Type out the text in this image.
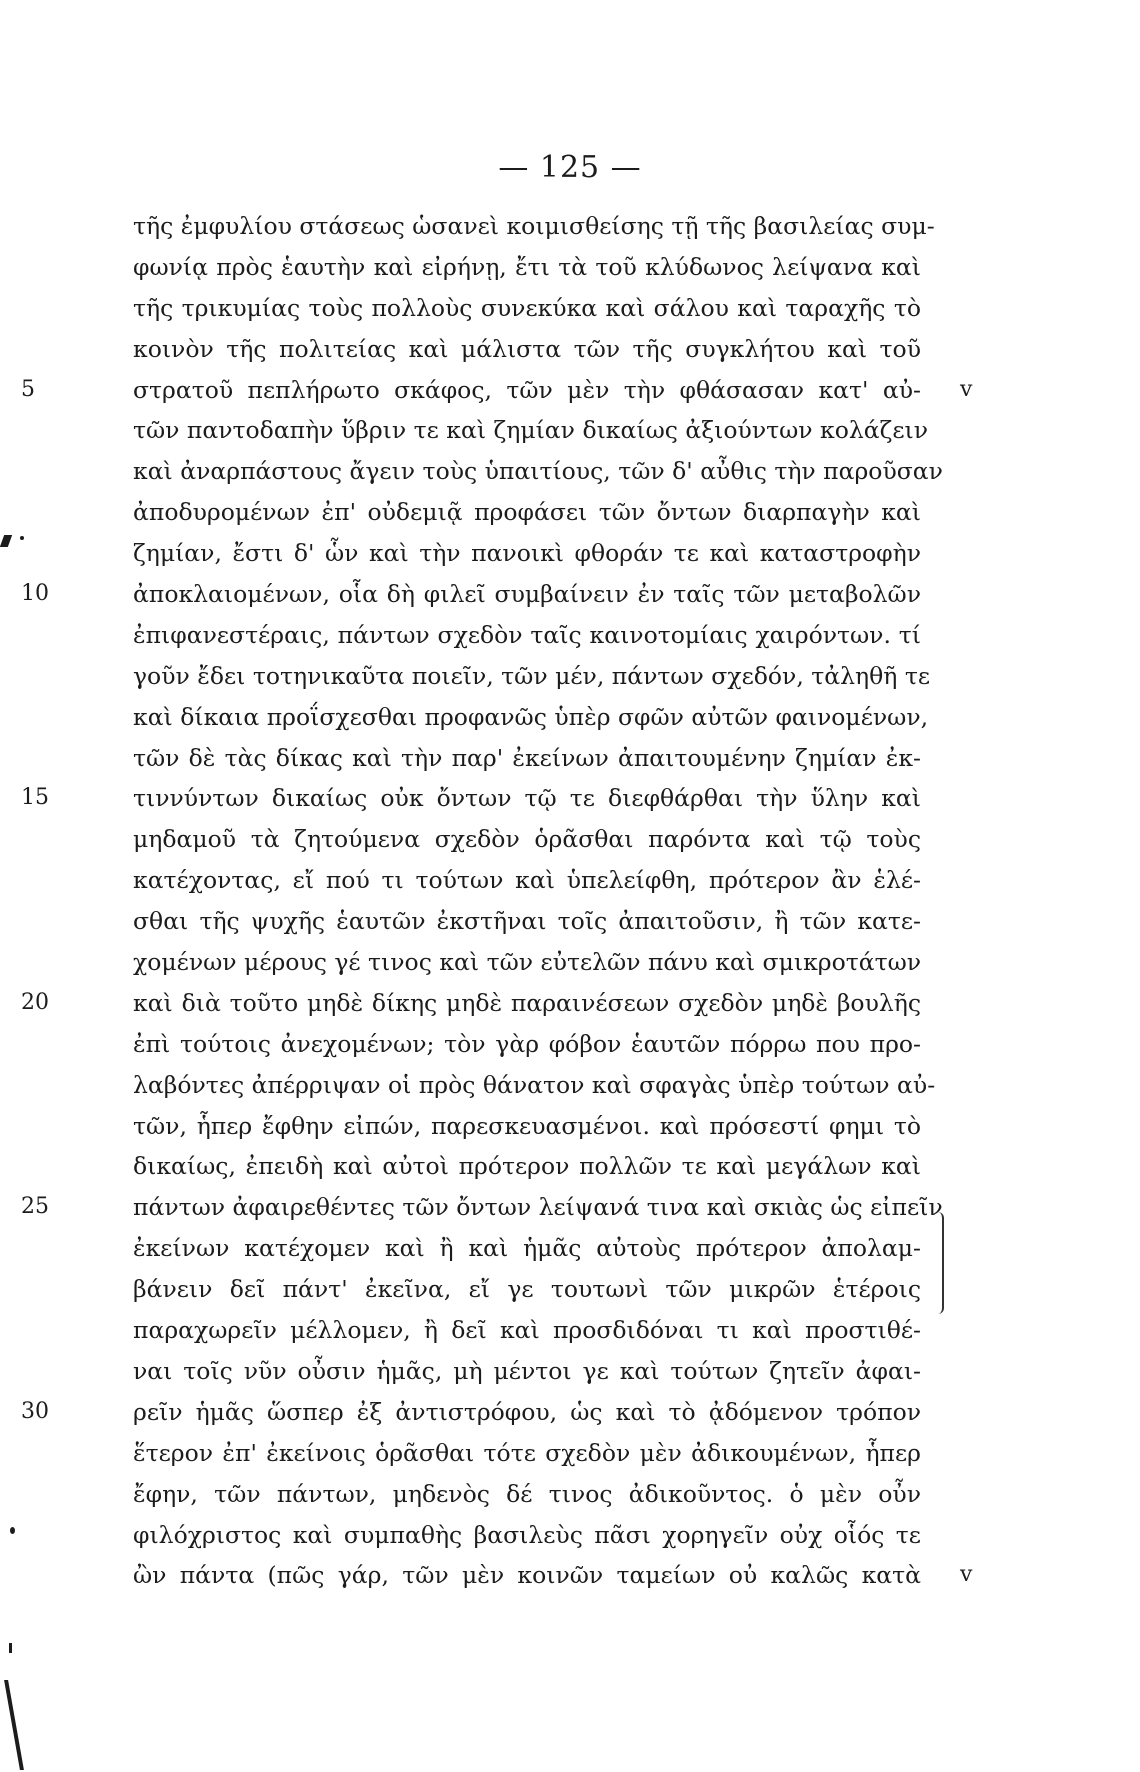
— 125 —
τῆς ἐμφυλίου στάσεως ὡσανεὶ κοιμισθείσης τῇ τῆς βασιλείας συμ-
φωνίᾳ πρὸς ἑαυτὴν καὶ εἰρήνῃ, ἔτι τὰ τοῦ κλύδωνος λείψανα καὶ
τῆς τρικυμίας τοὺς πολλοὺς συνεκύκα καὶ σάλου καὶ ταραχῆς τὸ
κοινὸν τῆς πολιτείας καὶ μάλιστα τῶν τῆς συγκλήτου καὶ τοῦ
5	στρατοῦ πεπλήρωτο σκάφος, τῶν μὲν τὴν φθάσασαν κατ' αὐ- v
τῶν παντοδαπὴν ὕβριν τε καὶ ζημίαν δικαίως ἀξιούντων κολάζειν
καὶ ἀναρπάστους ἄγειν τοὺς ὑπαιτίους, τῶν δ' αὖθις τὴν παροῦσαν
ἀποδυρομένων ἐπ' οὐδεμιᾷ προφάσει τῶν ὄντων διαρπαγὴν καὶ
ζημίαν, ἔστι δ' ὧν καὶ τὴν πανοικὶ φθοράν τε καὶ καταστροφὴν
10	ἀποκλαιομένων, οἷα δὴ φιλεῖ συμβαίνειν ἐν ταῖς τῶν μεταβολῶν
ἐπιφανεστέραις, πάντων σχεδὸν ταῖς καινοτομίαις χαιρόντων. τί
γοῦν ἔδει τοτηνικαῦτα ποιεῖν, τῶν μέν, πάντων σχεδόν, τἀληθῆ τε
καὶ δίκαια προΐσχεσθαι προφανῶς ὑπὲρ σφῶν αὐτῶν φαινομένων,
τῶν δὲ τὰς δίκας καὶ τὴν παρ' ἐκείνων ἀπαιτουμένην ζημίαν ἐκ-
15	τιννύντων δικαίως οὐκ ὄντων τῷ τε διεφθάρθαι τὴν ὕλην καὶ
μηδαμοῦ τὰ ζητούμενα σχεδὸν ὁρᾶσθαι παρόντα καὶ τῷ τοὺς
κατέχοντας, εἴ πού τι τούτων καὶ ὑπελείφθη, πρότερον ἂν ἑλέ-
σθαι τῆς ψυχῆς ἑαυτῶν ἐκστῆναι τοῖς ἀπαιτοῦσιν, ἢ τῶν κατε-
χομένων μέρους γέ τινος καὶ τῶν εὐτελῶν πάνυ καὶ σμικροτάτων
20	καὶ διὰ τοῦτο μηδὲ δίκης μηδὲ παραινέσεων σχεδὸν μηδὲ βουλῆς
ἐπὶ τούτοις ἀνεχομένων; τὸν γὰρ φόβον ἑαυτῶν πόρρω που προ-
λαβόντες ἀπέρριψαν οἱ πρὸς θάνατον καὶ σφαγὰς ὑπὲρ τούτων αὐ-
τῶν, ἧπερ ἔφθην εἰπών, παρεσκευασμένοι. καὶ πρόσεστί φημι τὸ
δικαίως, ἐπειδὴ καὶ αὐτοὶ πρότερον πολλῶν τε καὶ μεγάλων καὶ
25	πάντων ἀφαιρεθέντες τῶν ὄντων λείψανά τινα καὶ σκιὰς ὡς εἰπεῖν
ἐκείνων κατέχομεν καὶ ἢ καὶ ἡμᾶς αὐτοὺς πρότερον ἀπολαμ-
βάνειν δεῖ πάντ' ἐκεῖνα, εἴ γε τουτωνὶ τῶν μικρῶν ἑτέροις
παραχωρεῖν μέλλομεν, ἢ δεῖ καὶ προσδιδόναι τι καὶ προστιθέ-
ναι τοῖς νῦν οὖσιν ἡμᾶς, μὴ μέντοι γε καὶ τούτων ζητεῖν ἀφαι-
30	ρεῖν ἡμᾶς ὥσπερ ἐξ ἀντιστρόφου, ὡς καὶ τὸ ᾀδόμενον τρόπον
ἕτερον ἐπ' ἐκείνοις ὁρᾶσθαι τότε σχεδὸν μὲν ἀδικουμένων, ἧπερ
ἔφην, τῶν πάντων, μηδενὸς δέ τινος ἀδικοῦντος. ὁ μὲν οὖν
φιλόχριστος καὶ συμπαθὴς βασιλεὺς πᾶσι χορηγεῖν οὐχ οἷός τε
ὢν πάντα (πῶς γάρ, τῶν μὲν κοινῶν ταμείων οὐ καλῶς κατὰ v
